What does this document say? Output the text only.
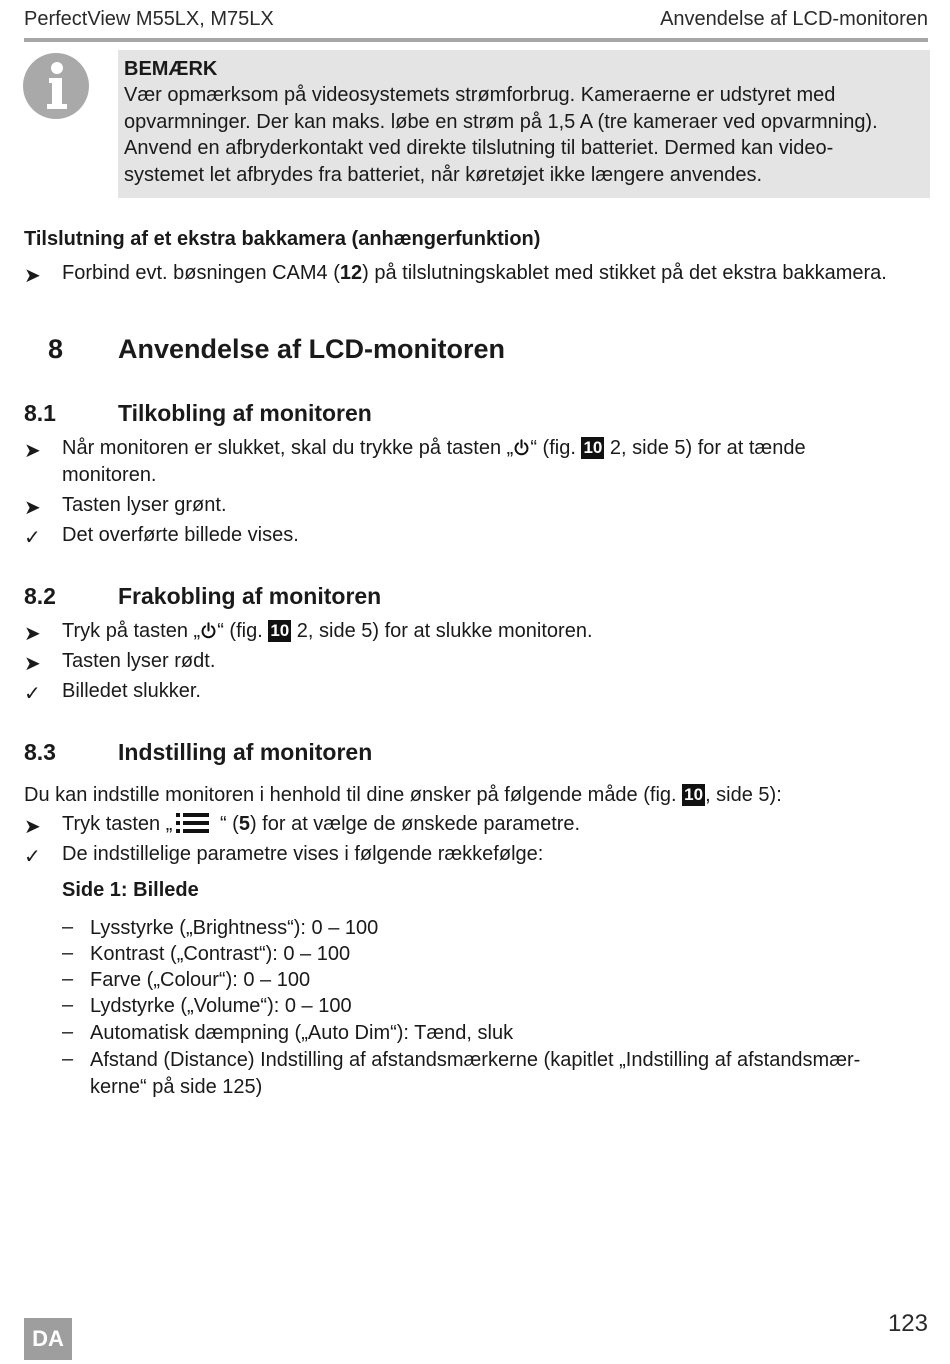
PerfectView M55LX, M75LX	Anvendelse af LCD-monitoren
BEMÆRK
Vær opmærksom på videosystemets strømforbrug. Kameraerne er udstyret med
opvarmninger. Der kan maks. løbe en strøm på 1,5 A (tre kameraer ved opvarmning).
Anvend en afbryderkontakt ved direkte tilslutning til batteriet. Dermed kan video-
systemet let afbrydes fra batteriet, når køretøjet ikke længere anvendes.
Tilslutning af et ekstra bakkamera (anhængerfunktion)
➤ Forbind evt. bøsningen CAM4 (12) på tilslutningskablet med stikket på det ekstra bakkamera.
8 Anvendelse af LCD-monitoren
8.1	Tilkobling af monitoren
➤ Når monitoren er slukket, skal du trykke på tasten „ “ (fig. 10 2, side 5) for at tænde
monitoren.
➤ Tasten lyser grønt.
✓ Det overførte billede vises.
8.2	Frakobling af monitoren
➤ Tryk på tasten „ “ (fig. 10 2, side 5) for at slukke monitoren.
➤ Tasten lyser rødt.
✓ Billedet slukker.
8.3	Indstilling af monitoren
Du kan indstille monitoren i henhold til dine ønsker på følgende måde (fig. 10 , side 5):
➤ Tryk tasten „ “ (5) for at vælge de ønskede parametre.
✓ De indstillelige parametre vises i følgende rækkefølge:
Side 1: Billede
– Lysstyrke („Brightness“): 0 – 100
– Kontrast („Contrast“): 0 – 100
– Farve („Colour“): 0 – 100
– Lydstyrke („Volume“): 0 – 100
– Automatisk dæmpning („Auto Dim“): Tænd, sluk
– Afstand (Distance) Indstilling af afstandsmærkerne (kapitlet „Indstilling af afstandsmær-
kerne“ på side 125)
DA
123
